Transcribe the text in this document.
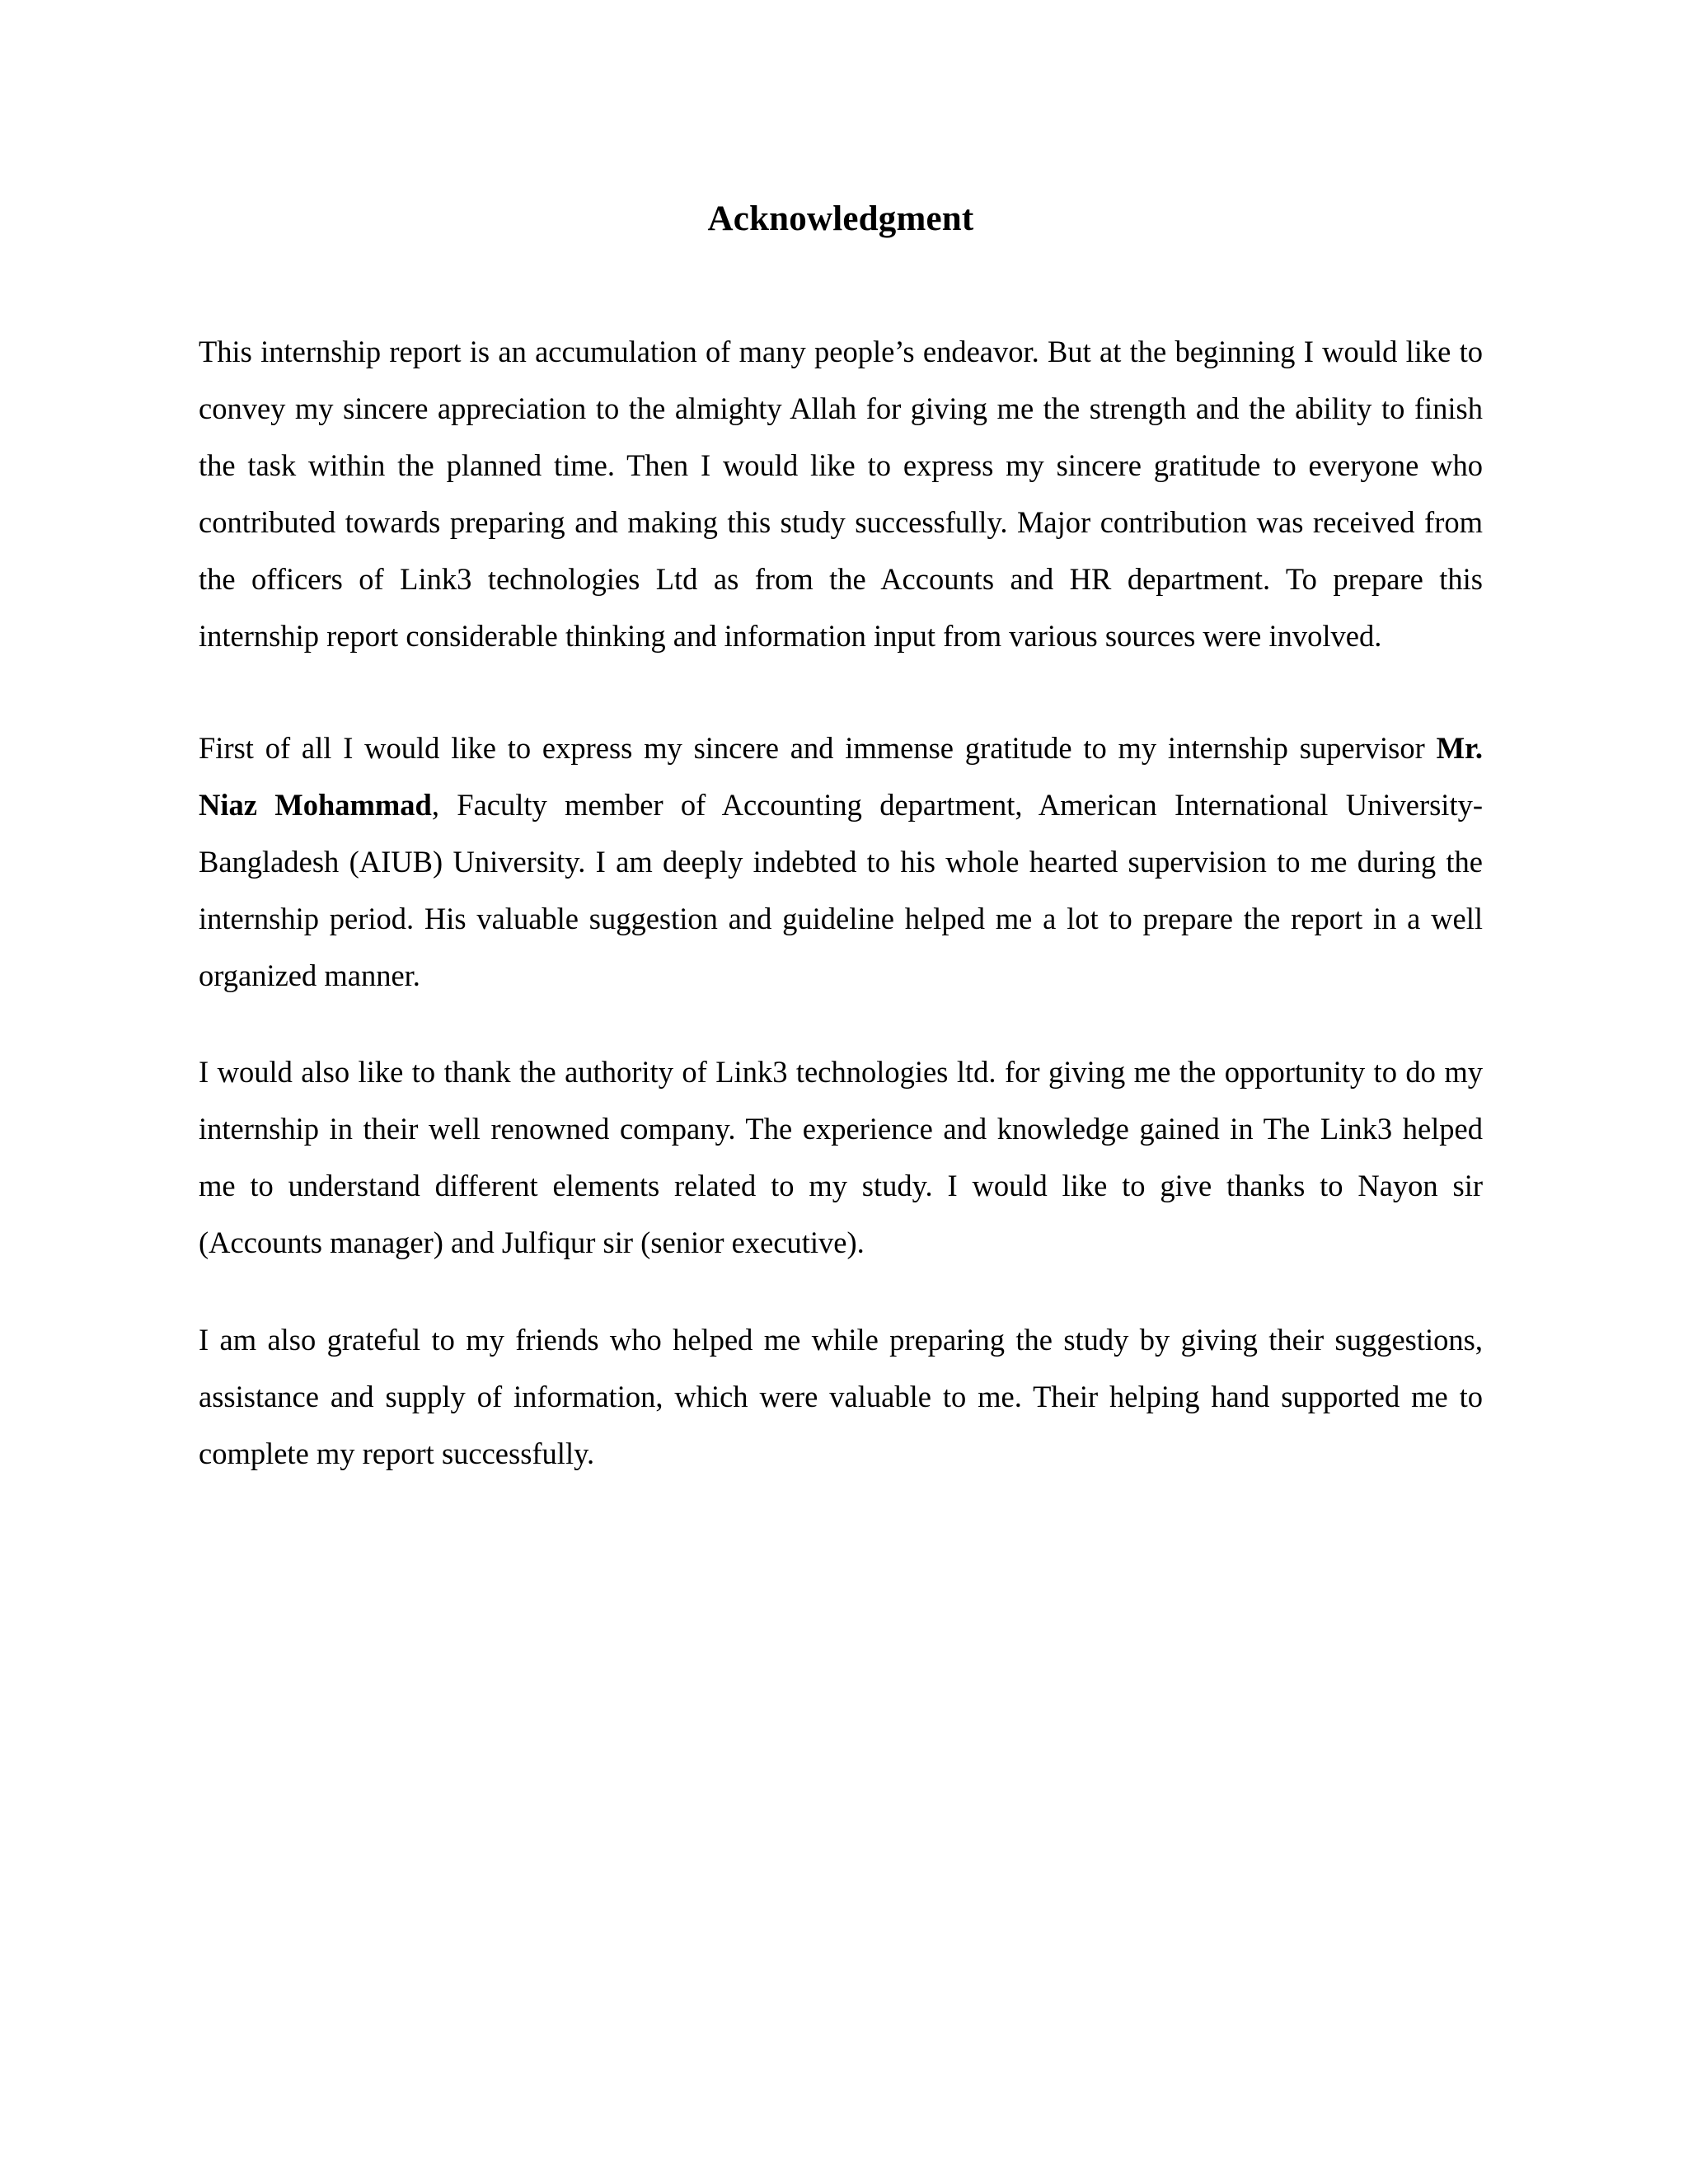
Acknowledgment

This internship report is an accumulation of many people’s endeavor. But at the beginning I would like to convey my sincere appreciation to the almighty Allah for giving me the strength and the ability to finish the task within the planned time. Then I would like to express my sincere gratitude to everyone who contributed towards preparing and making this study successfully. Major contribution was received from the officers of Link3 technologies Ltd as from the Accounts and HR department. To prepare this internship report considerable thinking and information input from various sources were involved.

First of all I would like to express my sincere and immense gratitude to my internship supervisor Mr. Niaz Mohammad, Faculty member of Accounting department, American International University-Bangladesh (AIUB) University. I am deeply indebted to his whole hearted supervision to me during the internship period. His valuable suggestion and guideline helped me a lot to prepare the report in a well organized manner.

I would also like to thank the authority of Link3 technologies ltd. for giving me the opportunity to do my internship in their well renowned company. The experience and knowledge gained in The Link3 helped me to understand different elements related to my study. I would like to give thanks to Nayon sir (Accounts manager) and Julfiqur sir (senior executive).

I am also grateful to my friends who helped me while preparing the study by giving their suggestions, assistance and supply of information, which were valuable to me. Their helping hand supported me to complete my report successfully.
